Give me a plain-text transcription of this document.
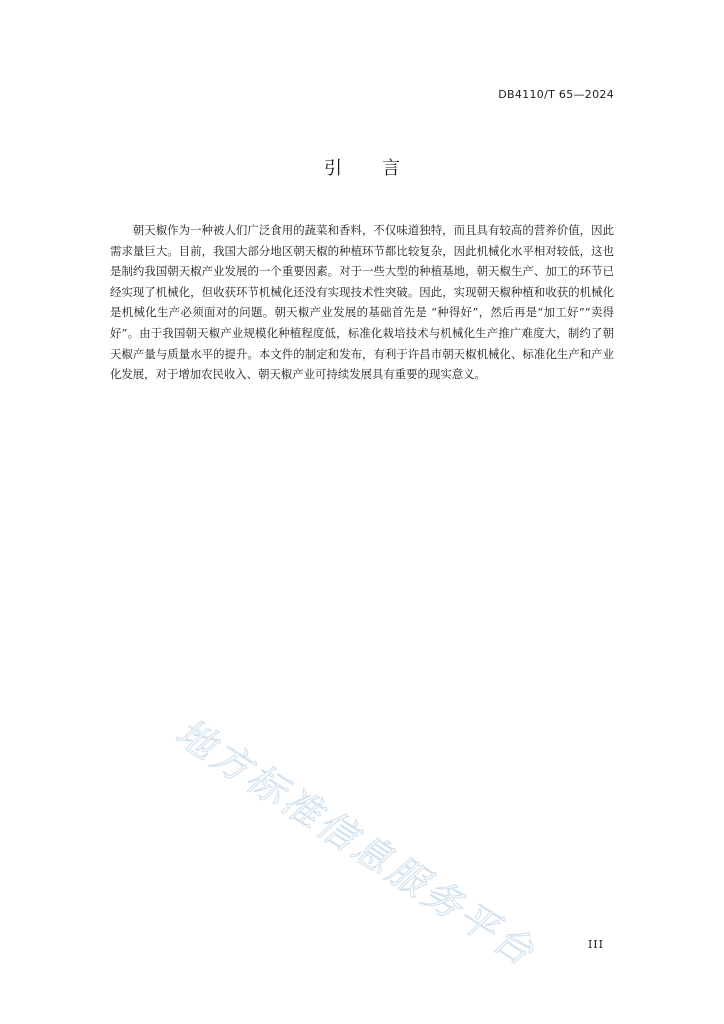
DB4110/T 65—2024
引 言

朝天椒作为一种被人们广泛食用的蔬菜和香料，不仅味道独特，而且具有较高的营养价值，因此需求量巨大。目前，我国大部分地区朝天椒的种植环节都比较复杂，因此机械化水平相对较低，这也是制约我国朝天椒产业发展的一个重要因素。对于一些大型的种植基地，朝天椒生产、加工的环节已经实现了机械化，但收获环节机械化还没有实现技术性突破。因此，实现朝天椒种植和收获的机械化是机械化生产必须面对的问题。朝天椒产业发展的基础首先是 “种得好”，然后再是“加工好”“卖得好”。由于我国朝天椒产业规模化种植程度低，标准化栽培技术与机械化生产推广难度大，制约了朝天椒产量与质量水平的提升。本文件的制定和发布，有利于许昌市朝天椒机械化、标准化生产和产业化发展，对于增加农民收入、朝天椒产业可持续发展具有重要的现实意义。

地方标准信息服务平台	III
